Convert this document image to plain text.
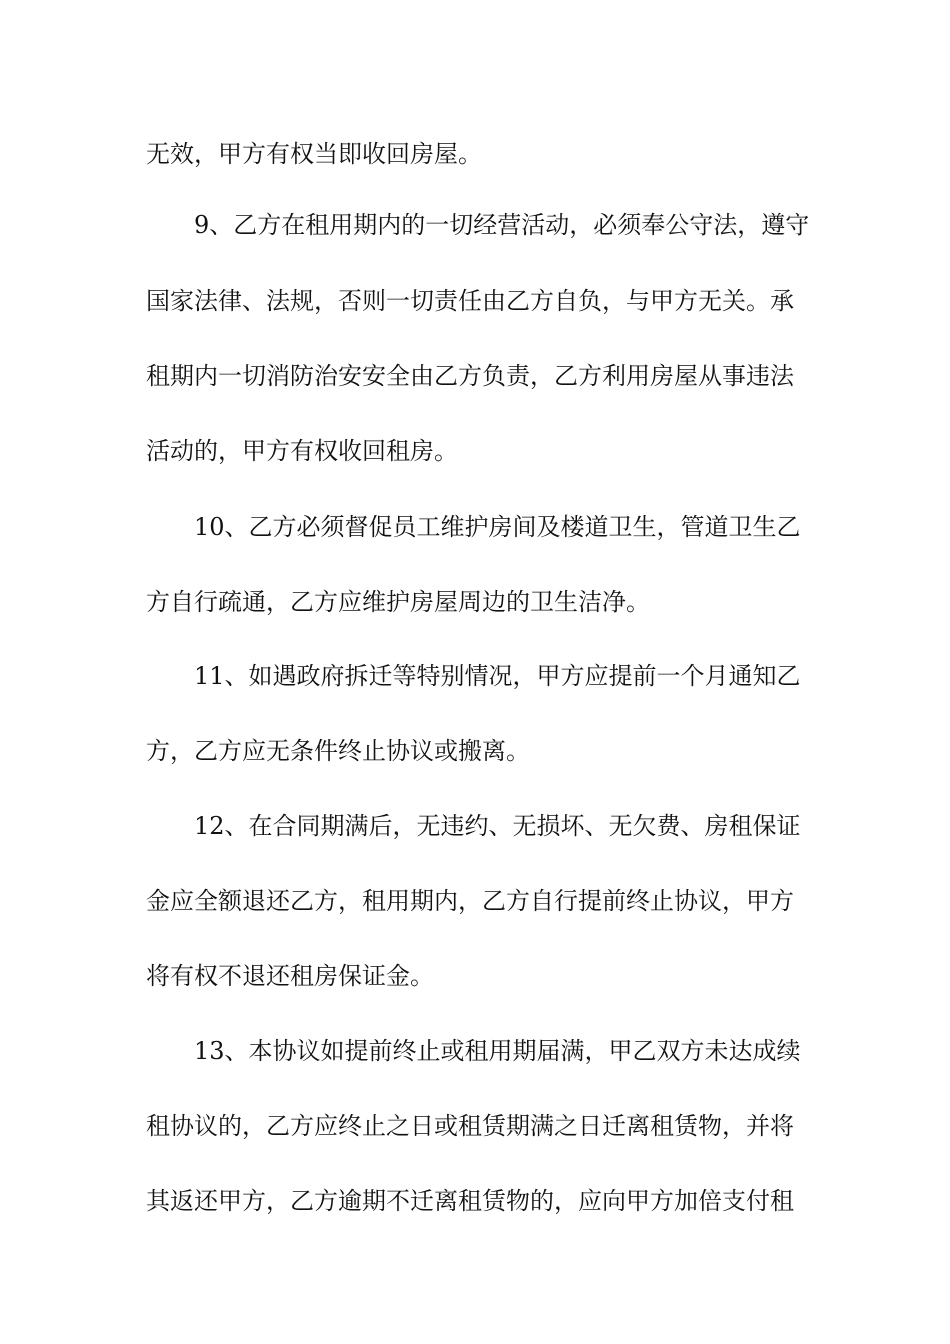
无效，甲方有权当即收回房屋。
9、乙方在租用期内的一切经营活动，必须奉公守法，遵守
国家法律、法规，否则一切责任由乙方自负，与甲方无关。承
租期内一切消防治安安全由乙方负责，乙方利用房屋从事违法
活动的，甲方有权收回租房。
10、乙方必须督促员工维护房间及楼道卫生，管道卫生乙
方自行疏通，乙方应维护房屋周边的卫生洁净。
11、如遇政府拆迁等特别情况，甲方应提前一个月通知乙
方，乙方应无条件终止协议或搬离。
12、在合同期满后，无违约、无损坏、无欠费、房租保证
金应全额退还乙方，租用期内，乙方自行提前终止协议，甲方
将有权不退还租房保证金。
13、本协议如提前终止或租用期届满，甲乙双方未达成续
租协议的，乙方应终止之日或租赁期满之日迁离租赁物，并将
其返还甲方，乙方逾期不迁离租赁物的，应向甲方加倍支付租
